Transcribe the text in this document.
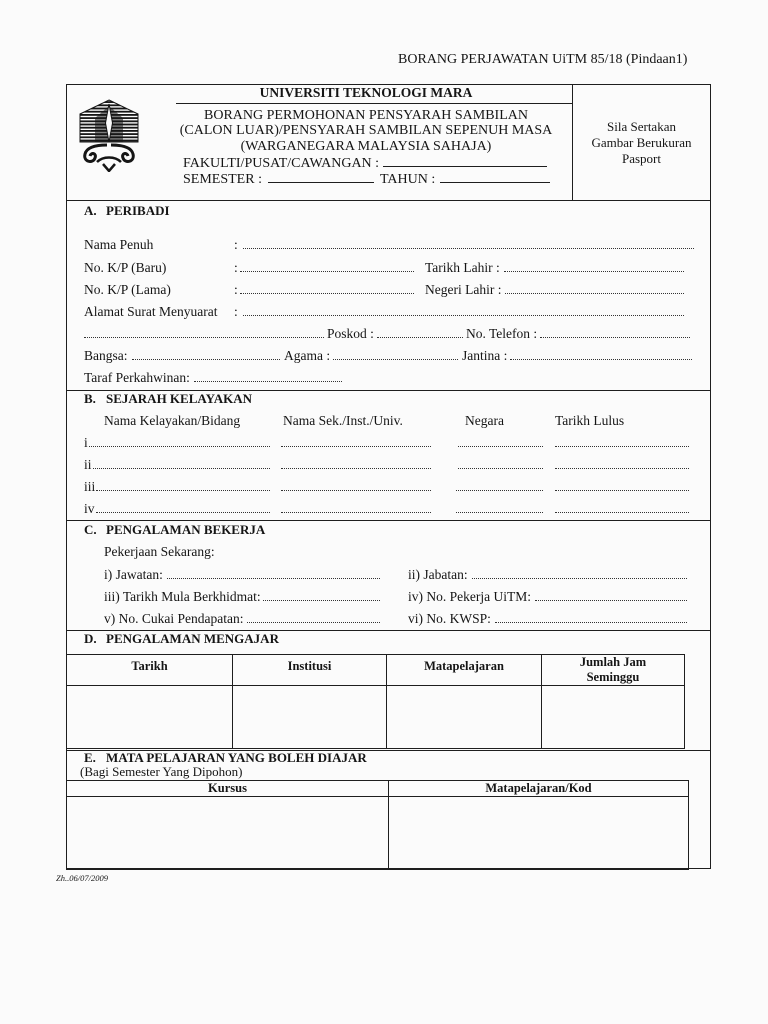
BORANG PERJAWATAN UiTM 85/18 (Pindaan1)
UNIVERSITI TEKNOLOGI MARA
BORANG PERMOHONAN PENSYARAH SAMBILAN
(CALON LUAR)/PENSYARAH SAMBILAN SEPENUH MASA
(WARGANEGARA MALAYSIA SAHAJA)
FAKULTI/PUSAT/CAWANGAN :
SEMESTER :	TAHUN :
Sila Sertakan
Gambar Berukuran
Pasport
A. PERIBADI
Nama Penuh	:
No. K/P (Baru)	:	Tarikh Lahir :
No. K/P (Lama)	:	Negeri Lahir :
Alamat Surat Menyuarat :
Poskod :	No. Telefon :
Bangsa:	Agama :	Jantina :
Taraf Perkahwinan:
B. SEJARAH KELAYAKAN
Nama Kelayakan/Bidang	Nama Sek./Inst./Univ.	Negara	Tarikh Lulus
i
ii
iii
iv
C. PENGALAMAN BEKERJA
Pekerjaan Sekarang:
i) Jawatan:	ii) Jabatan:
iii) Tarikh Mula Berkhidmat:	iv) No. Pekerja UiTM:
v) No. Cukai Pendapatan:	vi) No. KWSP:
D. PENGALAMAN MENGAJAR
Tarikh	Institusi	Matapelajaran	Jumlah Jam Seminggu

E. MATA PELAJARAN YANG BOLEH DIAJAR
(Bagi Semester Yang Dipohon)
Kursus	Matapelajaran/Kod

Zh..06/07/2009
